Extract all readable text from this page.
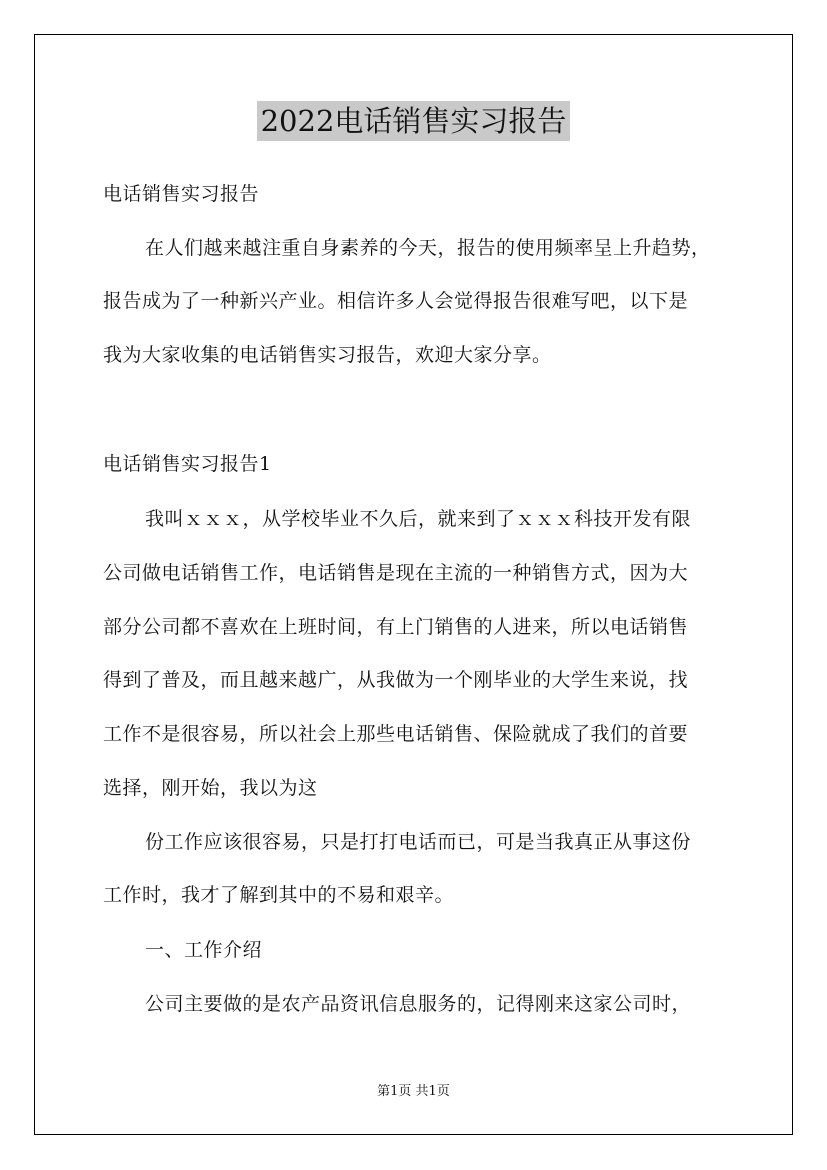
2022电话销售实习报告
电话销售实习报告
在人们越来越注重自身素养的今天，报告的使用频率呈上升趋势，
报告成为了一种新兴产业。相信许多人会觉得报告很难写吧，以下是
我为大家收集的电话销售实习报告，欢迎大家分享。
电话销售实习报告1
我叫ｘｘｘ，从学校毕业不久后，就来到了ｘｘｘ科技开发有限
公司做电话销售工作，电话销售是现在主流的一种销售方式，因为大
部分公司都不喜欢在上班时间，有上门销售的人进来，所以电话销售
得到了普及，而且越来越广，从我做为一个刚毕业的大学生来说，找
工作不是很容易，所以社会上那些电话销售、保险就成了我们的首要
选择，刚开始，我以为这
份工作应该很容易，只是打打电话而已，可是当我真正从事这份
工作时，我才了解到其中的不易和艰辛。
一、工作介绍
公司主要做的是农产品资讯信息服务的，记得刚来这家公司时，
第1页 共1页
